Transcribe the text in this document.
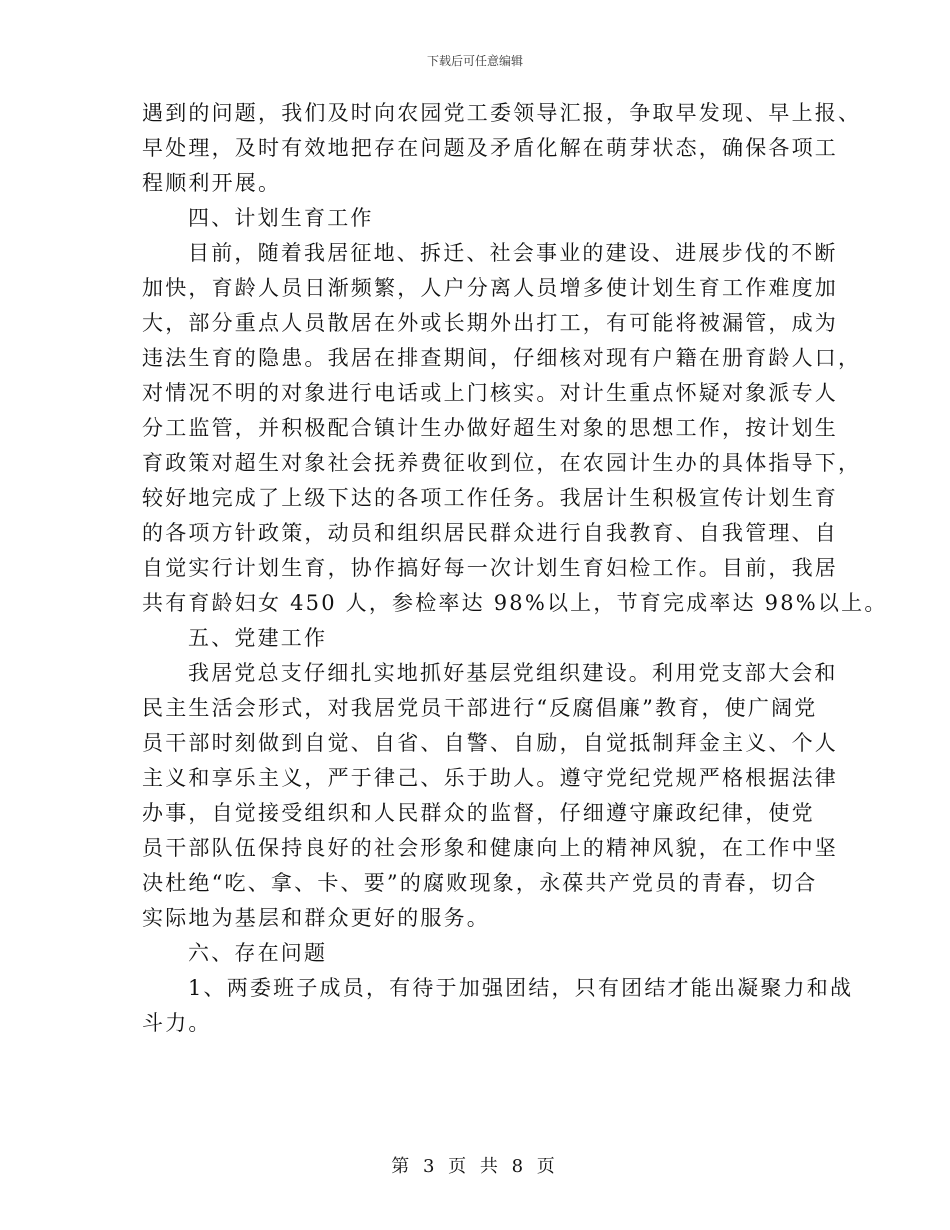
下载后可任意编辑
遇到的问题，我们及时向农园党工委领导汇报，争取早发现、早上报、
早处理，及时有效地把存在问题及矛盾化解在萌芽状态，确保各项工
程顺利开展。
四、计划生育工作
目前，随着我居征地、拆迁、社会事业的建设、进展步伐的不断
加快，育龄人员日渐频繁，人户分离人员增多使计划生育工作难度加
大，部分重点人员散居在外或长期外出打工，有可能将被漏管，成为
违法生育的隐患。我居在排查期间，仔细核对现有户籍在册育龄人口，
对情况不明的对象进行电话或上门核实。对计生重点怀疑对象派专人
分工监管，并积极配合镇计生办做好超生对象的思想工作，按计划生
育政策对超生对象社会抚养费征收到位，在农园计生办的具体指导下，
较好地完成了上级下达的各项工作任务。我居计生积极宣传计划生育
的各项方针政策，动员和组织居民群众进行自我教育、自我管理、自
自觉实行计划生育，协作搞好每一次计划生育妇检工作。目前，我居
共有育龄妇女 450 人，参检率达 98%以上，节育完成率达 98%以上。
五、党建工作
我居党总支仔细扎实地抓好基层党组织建设。利用党支部大会和
民主生活会形式，对我居党员干部进行“反腐倡廉”教育，使广阔党
员干部时刻做到自觉、自省、自警、自励，自觉抵制拜金主义、个人
主义和享乐主义，严于律己、乐于助人。遵守党纪党规严格根据法律
办事，自觉接受组织和人民群众的监督，仔细遵守廉政纪律，使党
员干部队伍保持良好的社会形象和健康向上的精神风貌，在工作中坚
决杜绝“吃、拿、卡、要”的腐败现象，永葆共产党员的青春，切合
实际地为基层和群众更好的服务。
六、存在问题
1、两委班子成员，有待于加强团结，只有团结才能出凝聚力和战
斗力。
第 3 页 共 8 页
